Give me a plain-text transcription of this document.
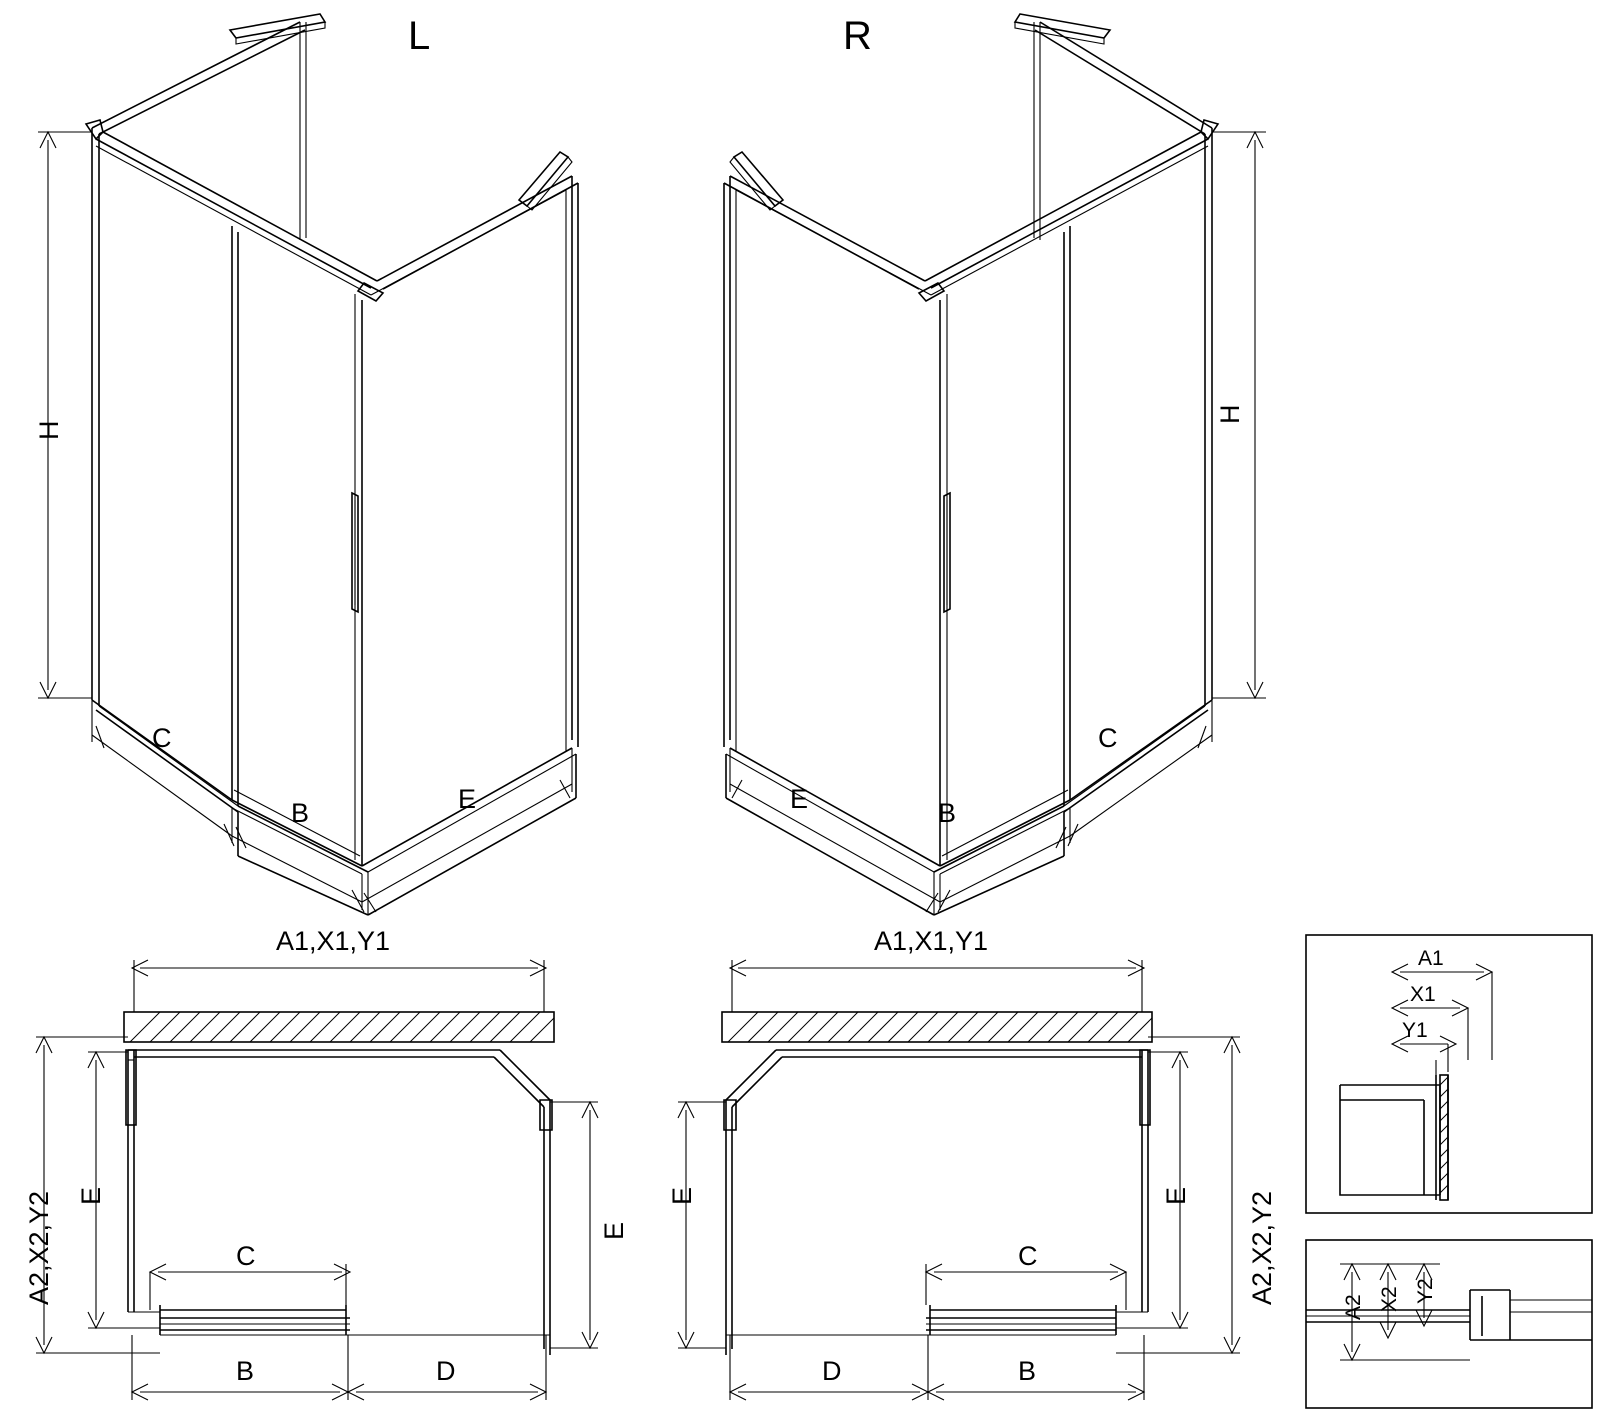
L	R
H
H
C
B	E
C
B
E
A1,X1,Y1
A2,X2,Y2 E
E
C
B	D
A1,X1,Y1
A2,X2,Y2
E
E
C
B
D
A1
X1
Y1
A2 X2 Y2
